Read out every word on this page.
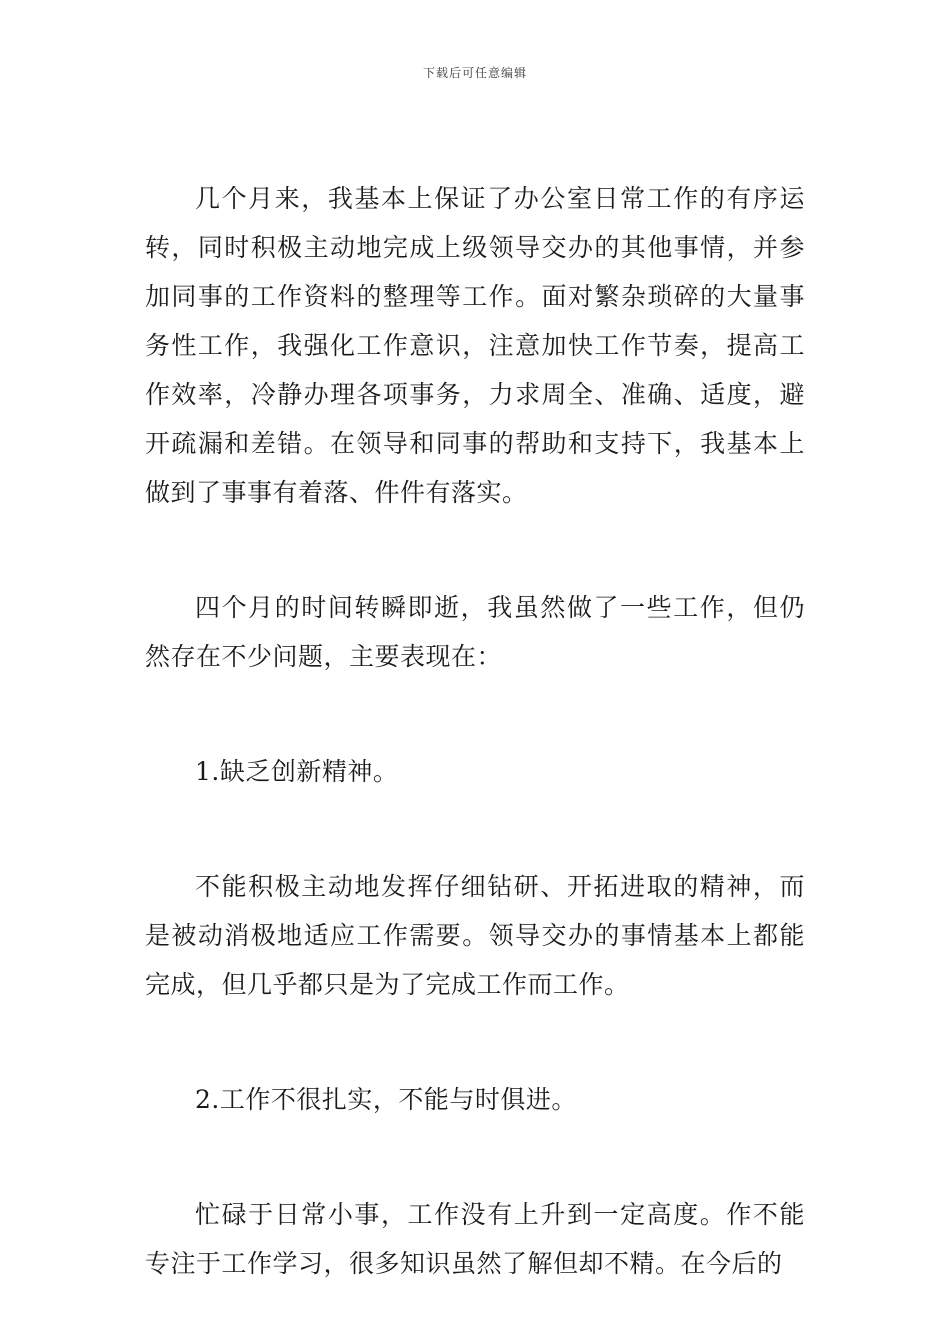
下载后可任意编辑

几个月来，我基本上保证了办公室日常工作的有序运转，同时积极主动地完成上级领导交办的其他事情，并参加同事的工作资料的整理等工作。面对繁杂琐碎的大量事务性工作，我强化工作意识，注意加快工作节奏，提高工作效率，冷静办理各项事务，力求周全、准确、适度，避开疏漏和差错。在领导和同事的帮助和支持下，我基本上做到了事事有着落、件件有落实。

四个月的时间转瞬即逝，我虽然做了一些工作，但仍然存在不少问题，主要表现在：

1.缺乏创新精神。

不能积极主动地发挥仔细钻研、开拓进取的精神，而是被动消极地适应工作需要。领导交办的事情基本上都能完成，但几乎都只是为了完成工作而工作。

2.工作不很扎实，不能与时俱进。

忙碌于日常小事，工作没有上升到一定高度。作不能专注于工作学习，很多知识虽然了解但却不精。在今后的
